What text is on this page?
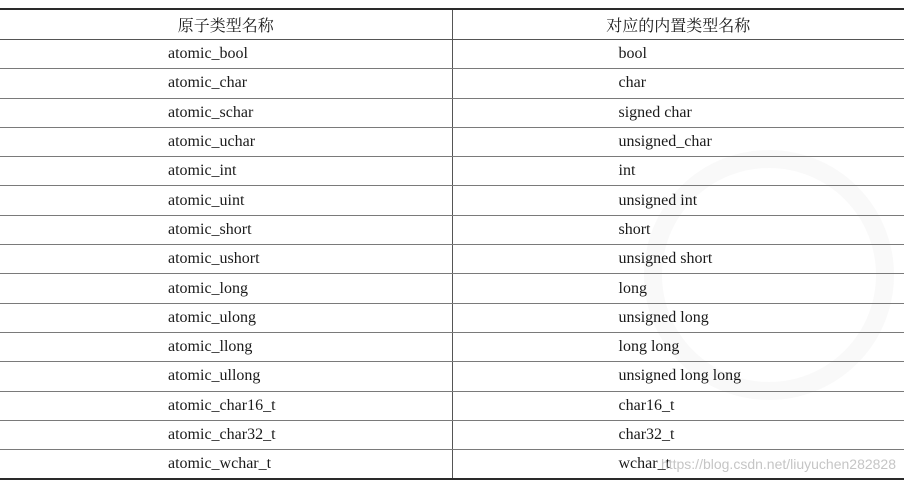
原子类型名称	对应的内置类型名称
atomic_bool	bool
atomic_char	char
atomic_schar	signed char
atomic_uchar	unsigned_char
atomic_int	int
atomic_uint	unsigned int
atomic_short	short
atomic_ushort	unsigned short
atomic_long	long
atomic_ulong	unsigned long
atomic_llong	long long
atomic_ullong	unsigned long long
atomic_char16_t	char16_t
atomic_char32_t	char32_t
atomic_wchar_t	wchar_t
https://blog.csdn.net/liuyuchen282828
